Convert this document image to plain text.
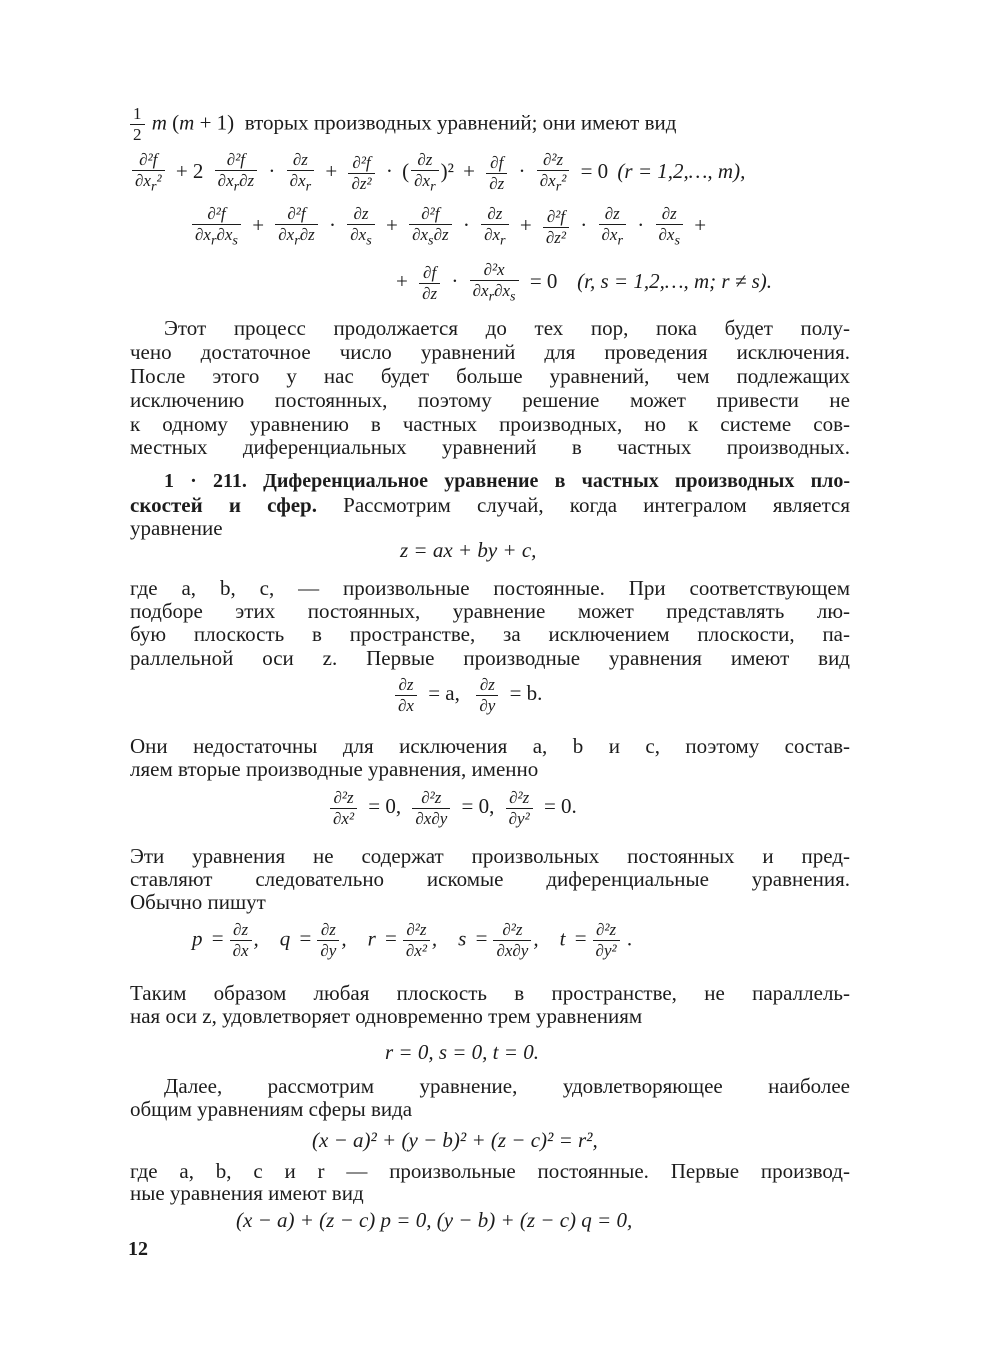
$\frac{1}{2}$ m (m + 1)  вторых производных уравнений; они имеют вид
$\frac{\text{∂²f}}{\partial x_r^2} + 2 \frac{\text{∂²f}}{\partial x_r\partial z} \cdot \frac{\partial z}{\partial x_r} + \frac{\text{∂²f}}{\text{∂z²}}$ · ( $\frac{\partial z}{\partial x_r} )^2 + \frac{\partial f}{\partial z} \cdot \frac{\text{∂²z}}{\partial x_r^2} = 0$ (r = 1,2,…, m),
$\frac{\text{∂²f}}{\partial x_r\partial x_s} + \frac{\text{∂²f}}{\partial x_r\partial z} \cdot \frac{\partial z}{\partial x_s} + \frac{\text{∂²f}}{\partial x_s\partial z} \cdot \frac{\partial z}{\partial x_r} + \frac{\text{∂²f}}{\text{∂z²}} \cdot \frac{\partial z}{\partial x_r} \cdot \frac{\partial z}{\partial x_s}$ +
+ $\frac{\partial f}{\partial z} \cdot \frac{\text{∂²x}}{\partial x_r\partial x_s} = 0$ (r, s = 1,2,…, m; r ≠ s).
Этот процесс продолжается до тех пор, пока будет полу-
чено достаточное число уравнений для проведения исключения.
После этого у нас будет больше уравнений, чем подлежащих
исключению постоянных, поэтому решение может привести не
к одному уравнению в частных производных, но к системе сов-
местных диференциальных уравнений в частных производных.
1 · 211. Диференциальное уравнение в частных производных пло-
скостей и сфер. Рассмотрим случай, когда интегралом является
уравнение
z = ax + by + c,
где a, b, c, — произвольные постоянные. При соответствующем
подборе этих постоянных, уравнение может представлять лю-
бую плоскость в пространстве, за исключением плоскости, па-
раллельной оси z. Первые производные уравнения имеют вид
$\frac{\partial z}{\partial x} = a$, $\frac{\partial z}{\partial y} = b$.
Они недостаточны для исключения a, b и c, поэтому состав-
ляем вторые производные уравнения, именно
$\frac{\text{∂²z}}{\text{∂x²}} = 0$, $\frac{\text{∂²z}}{\partial x\partial y} = 0$, $\frac{\text{∂²z}}{\text{∂y²}} = 0$.
Эти уравнения не содержат произвольных постоянных и пред-
ставляют следовательно искомые диференциальные уравнения.
Обычно пишут
$p = \frac{\partial z}{\partial x}$ ,    $q = \frac{\partial z}{\partial y}$ ,    $r = \frac{\text{∂²z}}{\text{∂x²}}$ ,    $s = \frac{\text{∂²z}}{\partial x\partial y}$ ,    $t = \frac{\text{∂²z}}{\text{∂y²}}$ .
Таким образом любая плоскость в пространстве, не параллель-
ная оси z, удовлетворяет одновременно трем уравнениям
r = 0, s = 0, t = 0.
Далее, рассмотрим уравнение, удовлетворяющее наиболее
общим уравнениям сферы вида
(x − a)² + (y − b)² + (z − c)² = r²,
где a, b, c и r — произвольные постоянные. Первые производ-
ные уравнения имеют вид
(x − a) + (z − c) p = 0, (y − b) + (z − c) q = 0,
12
